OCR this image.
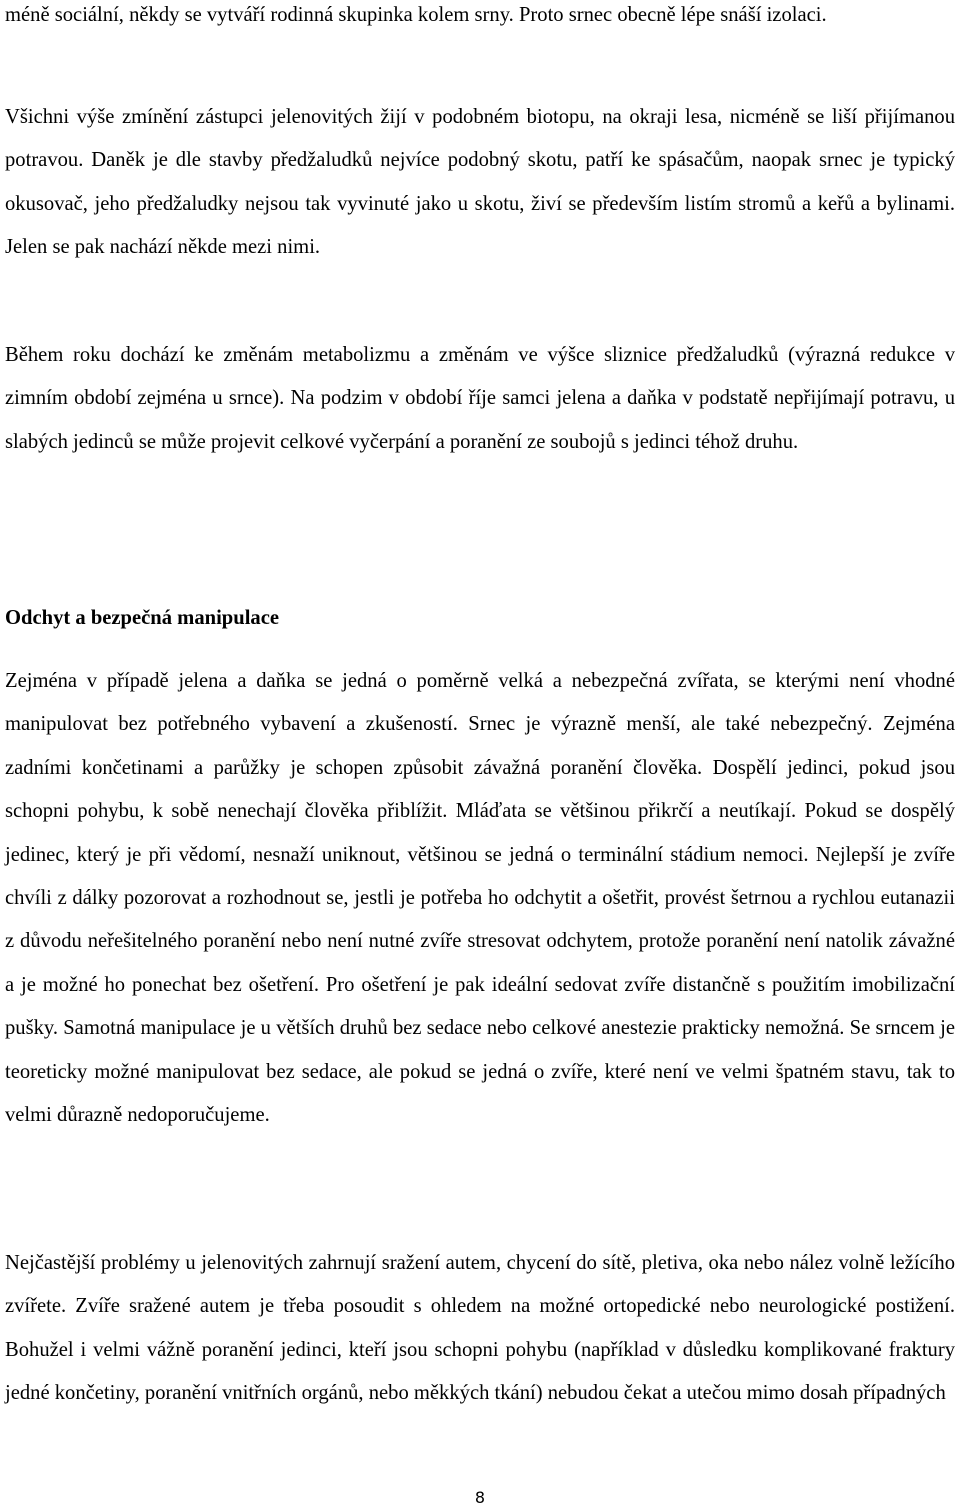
méně sociální, někdy se vytváří rodinná skupinka kolem srny. Proto srnec obecně lépe snáší izolaci.

Všichni výše zmínění zástupci jelenovitých žijí v podobném biotopu, na okraji lesa, nicméně se liší přijímanou potravou. Daněk je dle stavby předžaludků nejvíce podobný skotu, patří ke spásačům, naopak srnec je typický okusovač, jeho předžaludky nejsou tak vyvinuté jako u skotu, živí se především listím stromů a keřů a bylinami. Jelen se pak nachází někde mezi nimi.

Během roku dochází ke změnám metabolizmu a změnám ve výšce sliznice předžaludků (výrazná redukce v zimním období zejména u srnce). Na podzim v období říje samci jelena a daňka v podstatě nepřijímají potravu, u slabých jedinců se může projevit celkové vyčerpání a poranění ze soubojů s jedinci téhož druhu.

Odchyt a bezpečná manipulace

Zejména v případě jelena a daňka se jedná o poměrně velká a nebezpečná zvířata, se kterými není vhodné manipulovat bez potřebného vybavení a zkušeností. Srnec je výrazně menší, ale také nebezpečný. Zejména zadními končetinami a parůžky je schopen způsobit závažná poranění člověka. Dospělí jedinci, pokud jsou schopni pohybu, k sobě nenechají člověka přiblížit. Mláďata se většinou přikrčí a neutíkají. Pokud se dospělý jedinec, který je při vědomí, nesnaží uniknout, většinou se jedná o terminální stádium nemoci. Nejlepší je zvíře chvíli z dálky pozorovat a rozhodnout se, jestli je potřeba ho odchytit a ošetřit, provést šetrnou a rychlou eutanazii z důvodu neřešitelného poranění nebo není nutné zvíře stresovat odchytem, protože poranění není natolik závažné a je možné ho ponechat bez ošetření. Pro ošetření je pak ideální sedovat zvíře distančně s použitím imobilizační pušky. Samotná manipulace je u větších druhů bez sedace nebo celkové anestezie prakticky nemožná. Se srncem je teoreticky možné manipulovat bez sedace, ale pokud se jedná o zvíře, které není ve velmi špatném stavu, tak to velmi důrazně nedoporučujeme.

Nejčastější problémy u jelenovitých zahrnují sražení autem, chycení do sítě, pletiva, oka nebo nález volně ležícího zvířete. Zvíře sražené autem je třeba posoudit s ohledem na možné ortopedické nebo neurologické postižení. Bohužel i velmi vážně poranění jedinci, kteří jsou schopni pohybu (například v důsledku komplikované fraktury jedné končetiny, poranění vnitřních orgánů, nebo měkkých tkání) nebudou čekat a utečou mimo dosah případných

8
